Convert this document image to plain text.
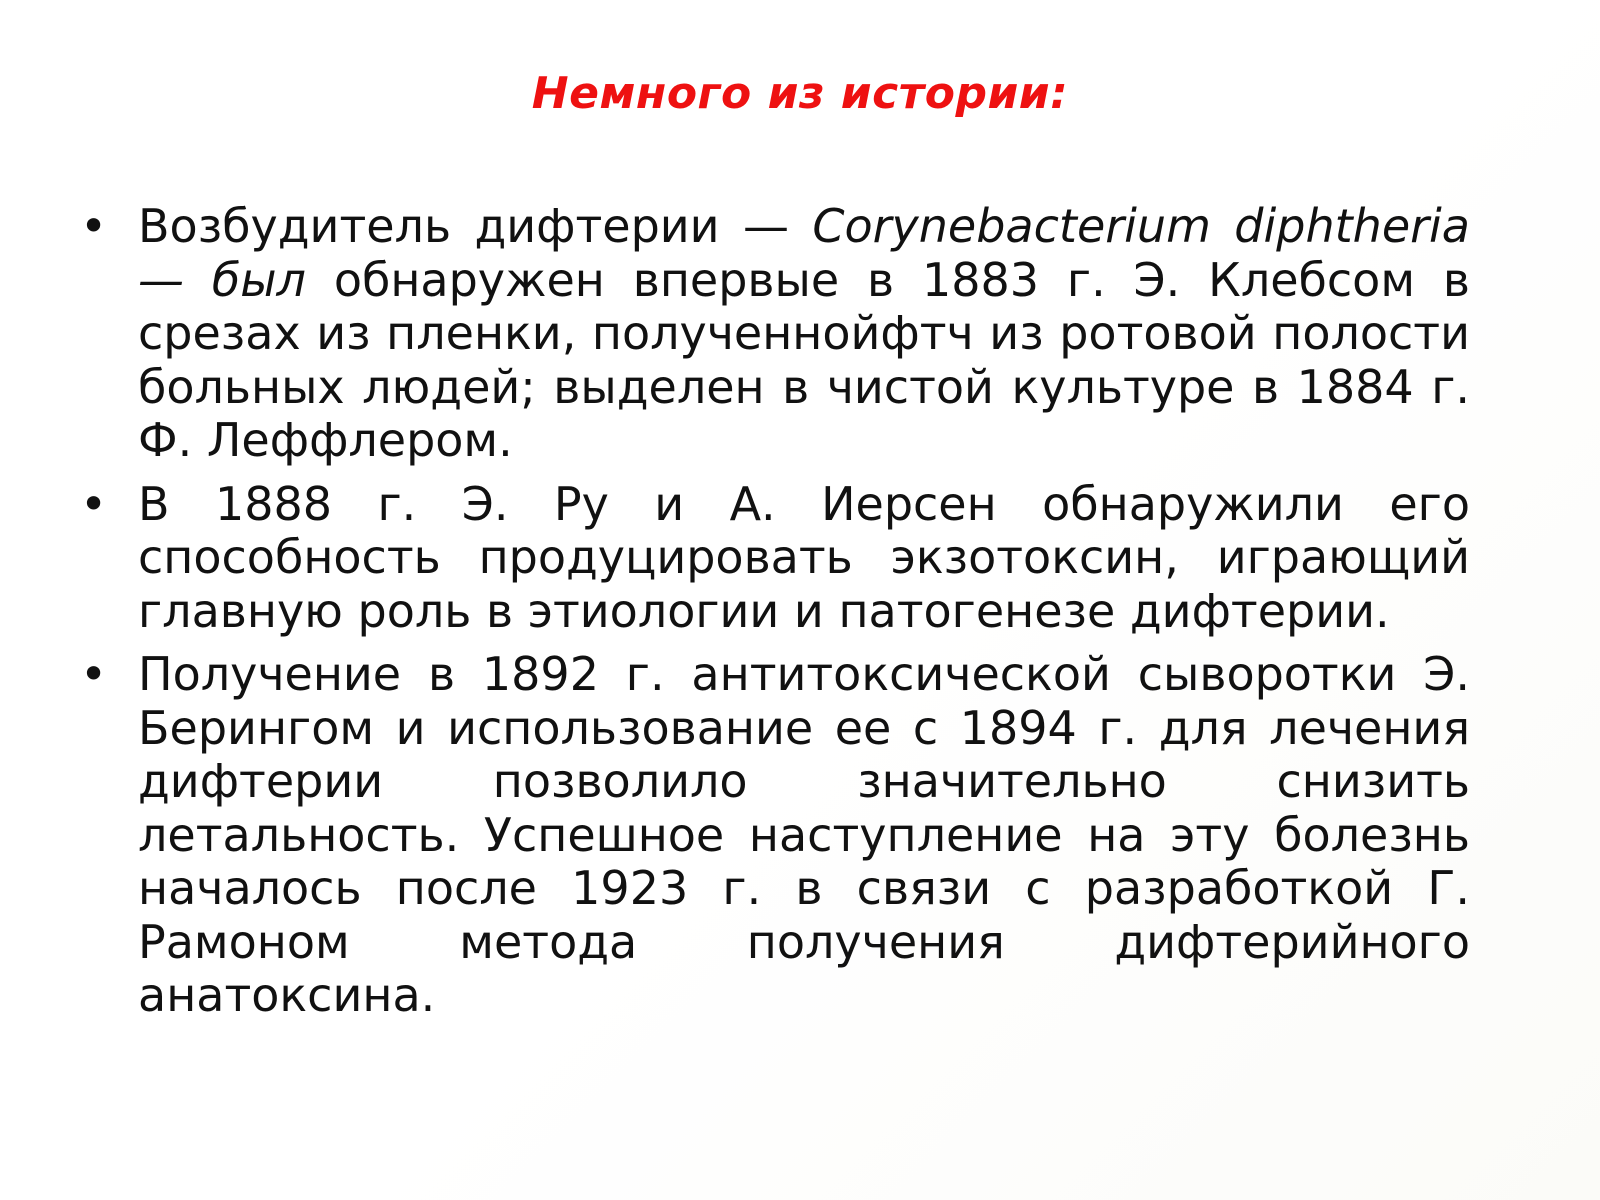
Немного из истории:
• Возбудитель дифтерии — Corynebacterium diphtheria — был обнаружен впервые в 1883 г. Э. Клебсом в срезах из пленки, полученнойфтч из ротовой полости больных людей; выделен в чистой культуре в 1884 г. Ф. Леффлером.
• В 1888 г. Э. Ру и А. Иерсен обнаружили его способность продуцировать экзотоксин, играющий главную роль в этиологии и патогенезе дифтерии.
• Получение в 1892 г. антитоксической сыворотки Э. Берингом и использование ее с 1894 г. для лечения дифтерии позволило значительно снизить летальность. Успешное наступление на эту болезнь началось после 1923 г. в связи с разработкой Г. Рамоном метода получения дифтерийного анатоксина.
